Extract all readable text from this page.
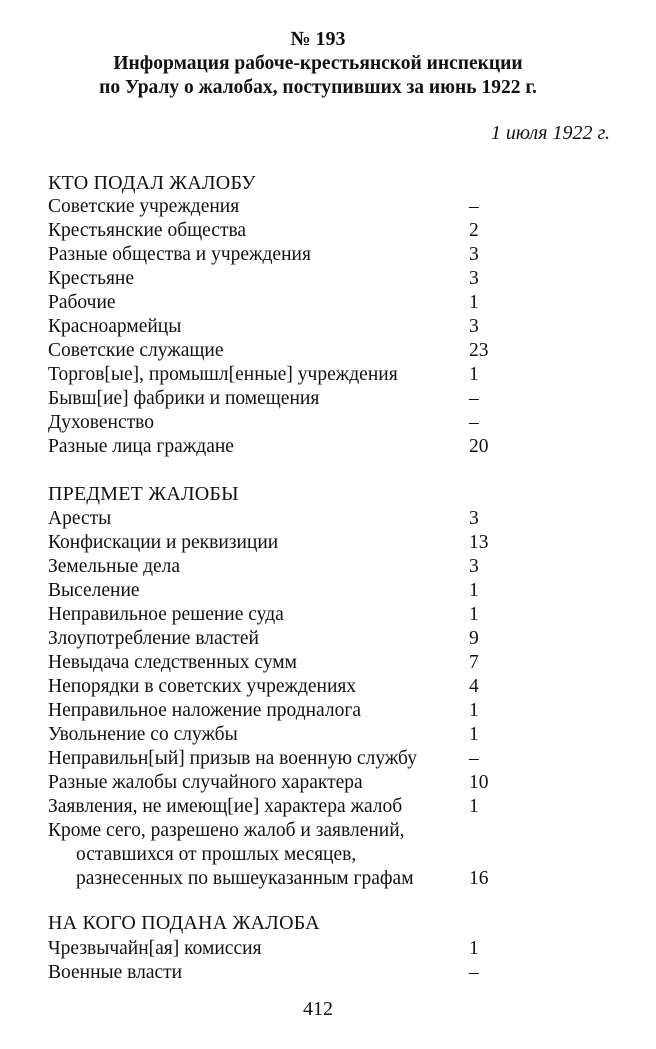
№ 193
Информация рабоче-крестьянской инспекции
по Уралу о жалобах, поступивших за июнь 1922 г.
1 июля 1922 г.
КТО ПОДАЛ ЖАЛОБУ
Советские учреждения	–
Крестьянские общества	2
Разные общества и учреждения	3
Крестьяне	3
Рабочие	1
Красноармейцы	3
Советские служащие	23
Торгов[ые], промышл[енные] учреждения	1
Бывш[ие] фабрики и помещения	–
Духовенство	–
Разные лица граждане	20
ПРЕДМЕТ ЖАЛОБЫ
Аресты	3
Конфискации и реквизиции	13
Земельные дела	3
Выселение	1
Неправильное решение суда	1
Злоупотребление властей	9
Невыдача следственных сумм	7
Непорядки в советских учреждениях	4
Неправильное наложение продналога	1
Увольнение со службы	1
Неправильн[ый] призыв на военную службу	–
Разные жалобы случайного характера	10
Заявления, не имеющ[ие] характера жалоб	1
Кроме сего, разрешено жалоб и заявлений,
оставшихся от прошлых месяцев,
разнесенных по вышеуказанным графам	16
НА КОГО ПОДАНА ЖАЛОБА
Чрезвычайн[ая] комиссия	1
Военные власти	–
412
